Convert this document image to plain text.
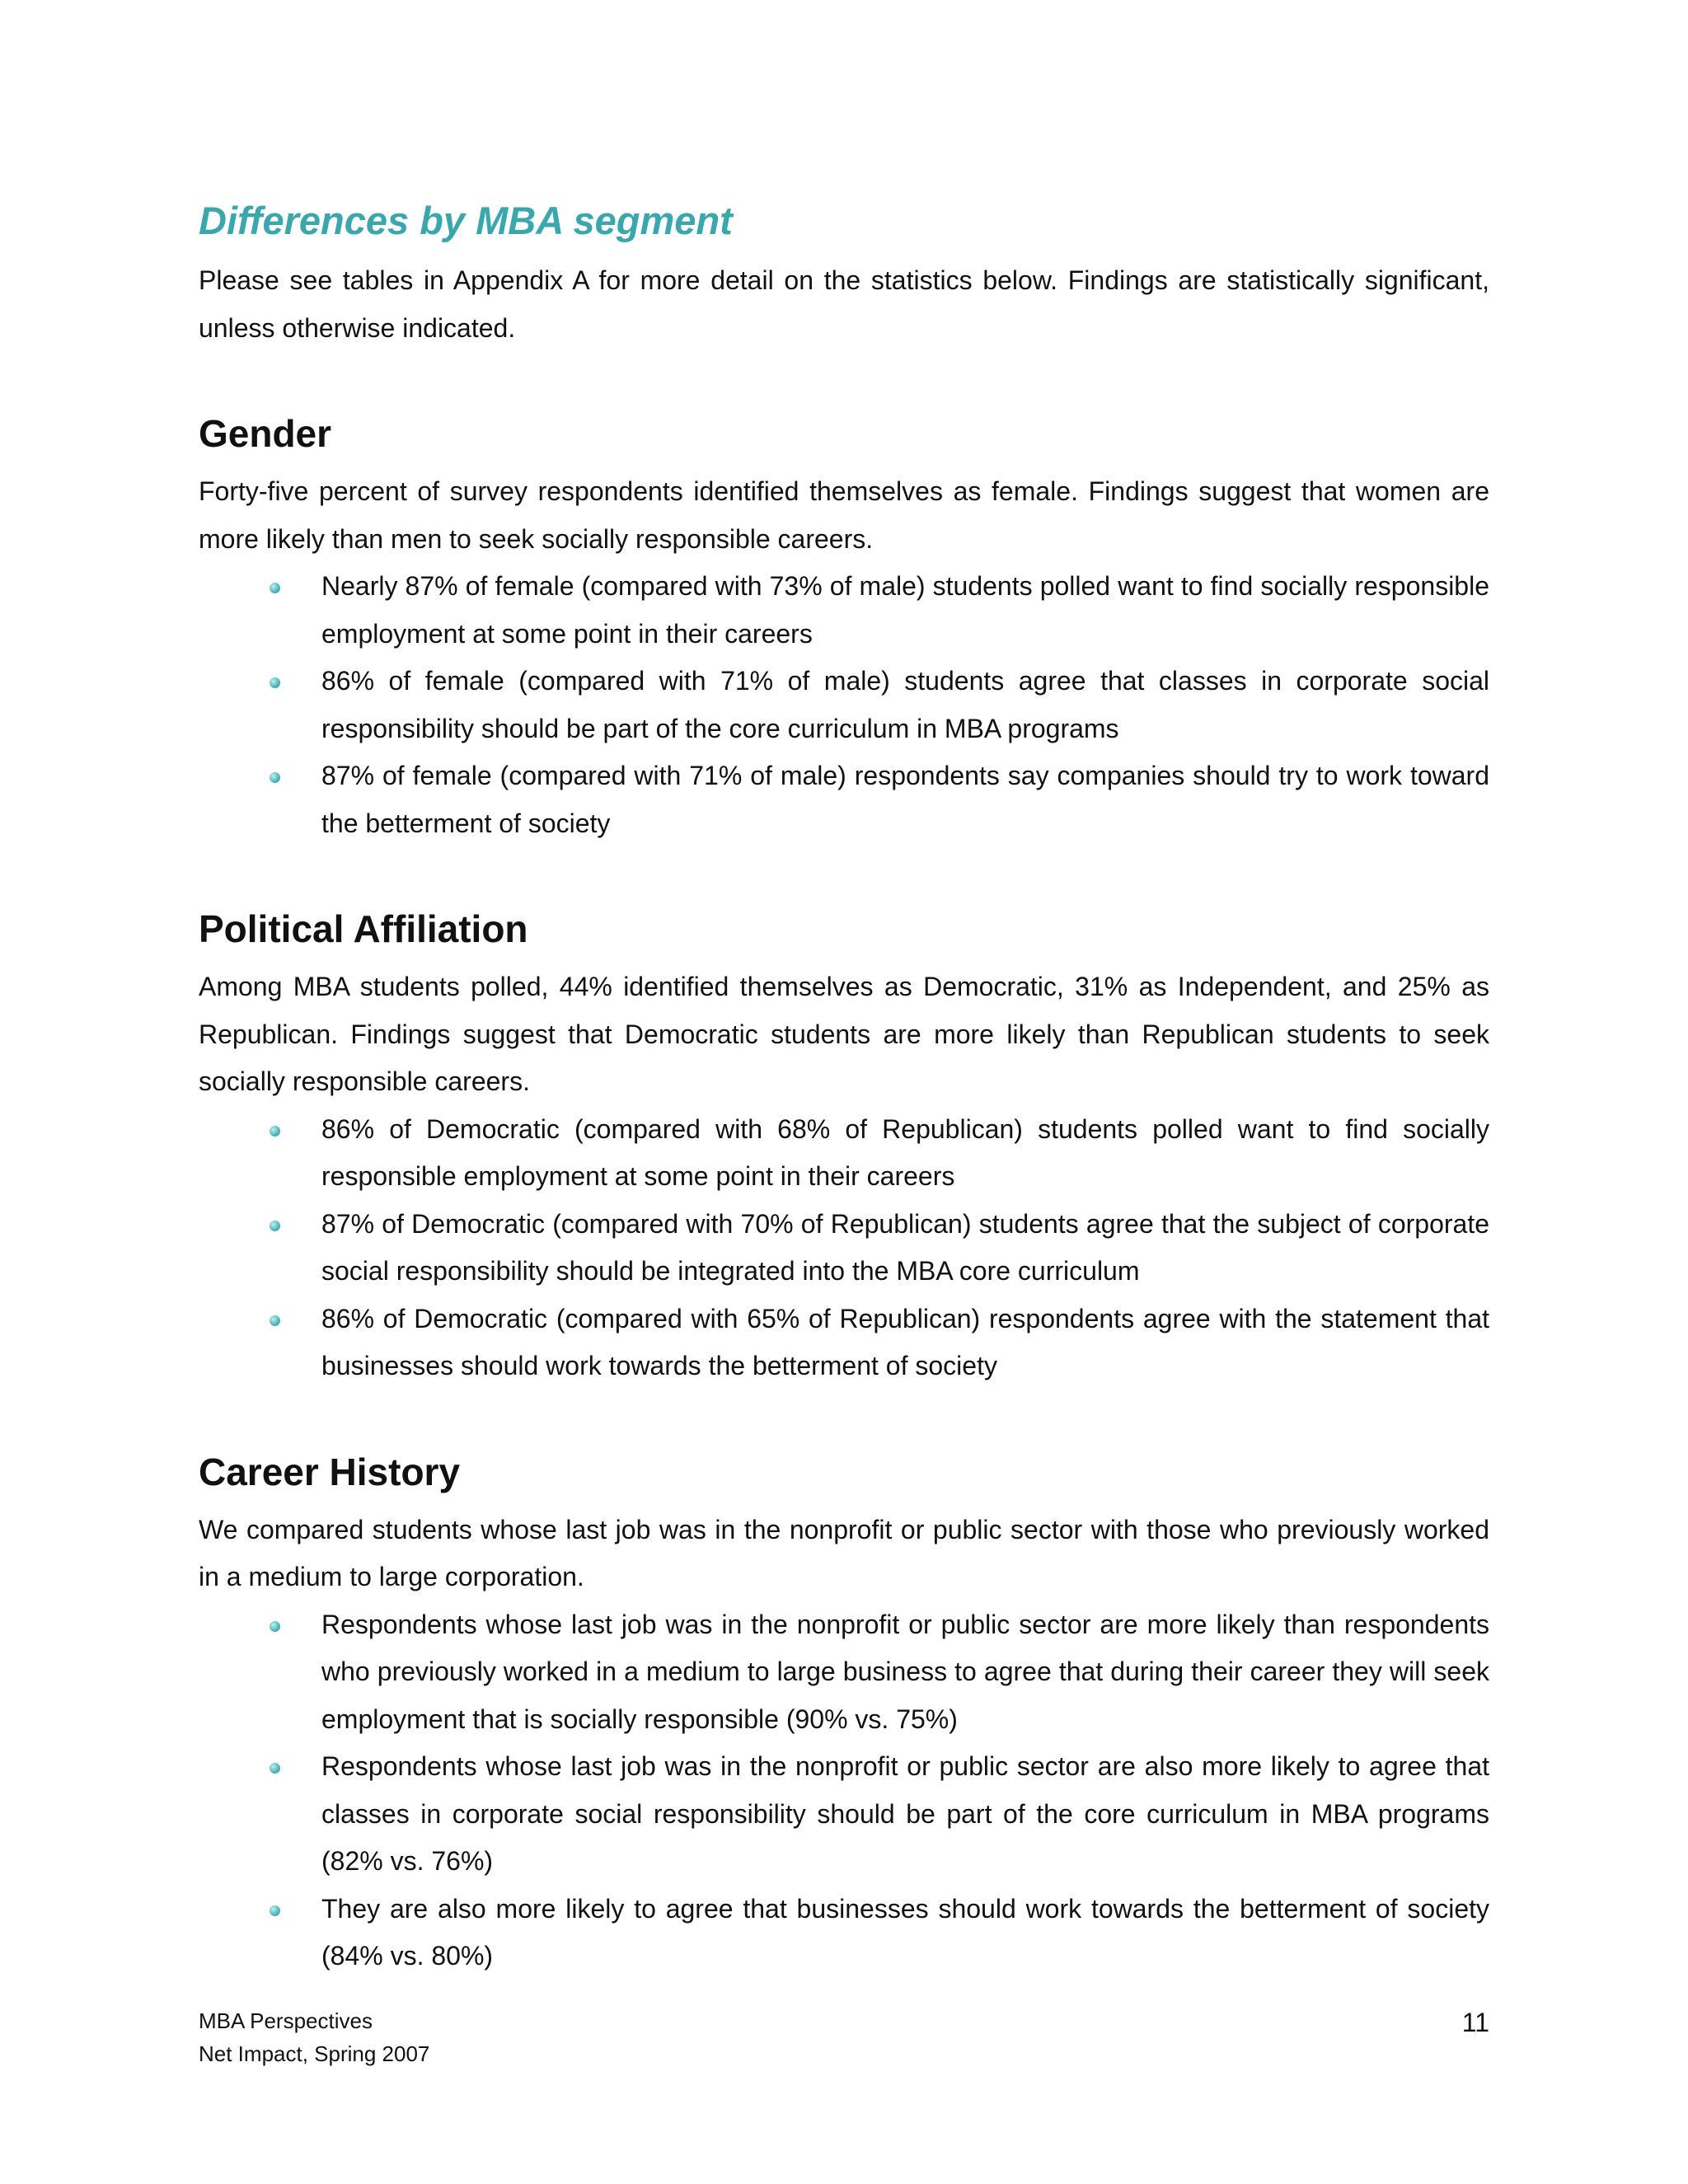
Differences by MBA segment

Please see tables in Appendix A for more detail on the statistics below. Findings are statistically significant, unless otherwise indicated.

Gender

Forty-five percent of survey respondents identified themselves as female. Findings suggest that women are more likely than men to seek socially responsible careers.

Nearly 87% of female (compared with 73% of male) students polled want to find socially responsible employment at some point in their careers
86% of female (compared with 71% of male) students agree that classes in corporate social responsibility should be part of the core curriculum in MBA programs
87% of female (compared with 71% of male) respondents say companies should try to work toward the betterment of society
Political Affiliation

Among MBA students polled, 44% identified themselves as Democratic, 31% as Independent, and 25% as Republican. Findings suggest that Democratic students are more likely than Republican students to seek socially responsible careers.

86% of Democratic (compared with 68% of Republican) students polled want to find socially responsible employment at some point in their careers
87% of Democratic (compared with 70% of Republican) students agree that the subject of corporate social responsibility should be integrated into the MBA core curriculum
86% of Democratic (compared with 65% of Republican) respondents agree with the statement that businesses should work towards the betterment of society
Career History

We compared students whose last job was in the nonprofit or public sector with those who previously worked in a medium to large corporation.

Respondents whose last job was in the nonprofit or public sector are more likely than respondents who previously worked in a medium to large business to agree that during their career they will seek employment that is socially responsible (90% vs. 75%)
Respondents whose last job was in the nonprofit or public sector are also more likely to agree that classes in corporate social responsibility should be part of the core curriculum in MBA programs (82% vs. 76%)
They are also more likely to agree that businesses should work towards the betterment of society (84% vs. 80%)
MBA Perspectives
Net Impact, Spring 2007
11
